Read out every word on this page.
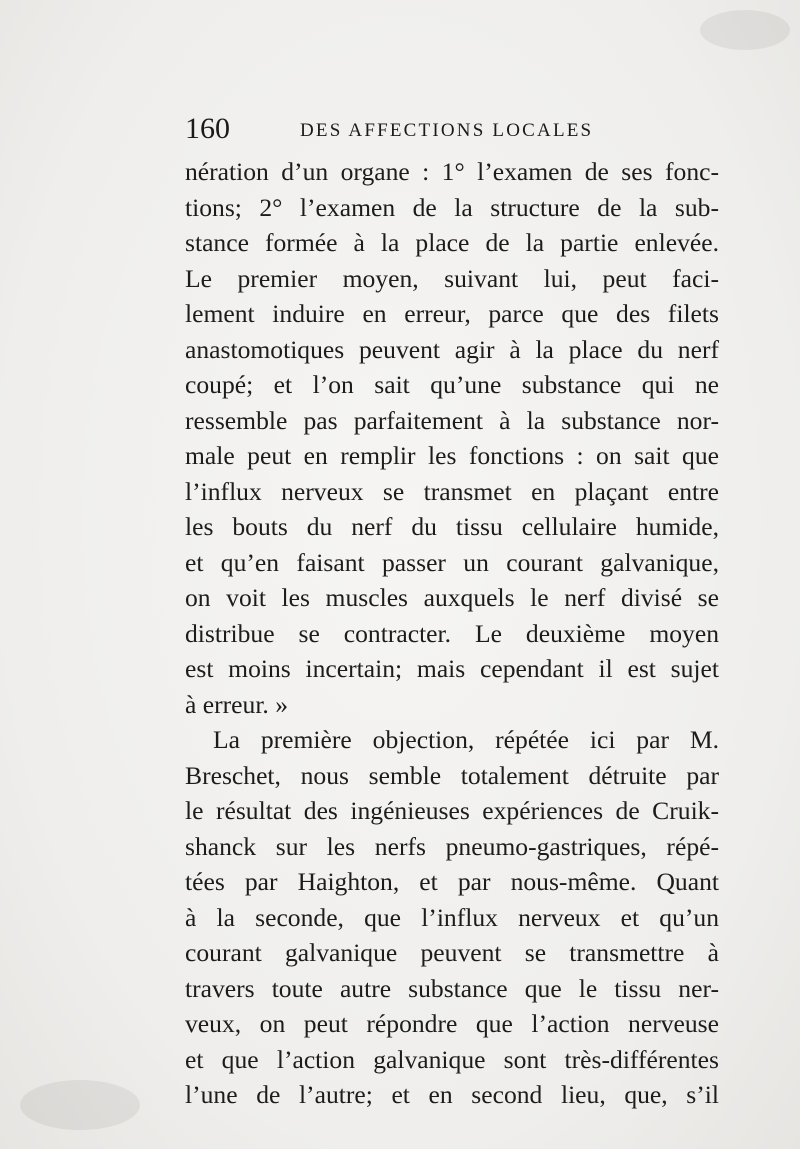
160	DES AFFECTIONS LOCALES
nération d’un organe : 1° l’examen de ses fonc-
tions; 2° l’examen de la structure de la sub-
stance formée à la place de la partie enlevée.
Le premier moyen, suivant lui, peut faci-
lement induire en erreur, parce que des filets
anastomotiques peuvent agir à la place du nerf
coupé; et l’on sait qu’une substance qui ne
ressemble pas parfaitement à la substance nor-
male peut en remplir les fonctions : on sait que
l’influx nerveux se transmet en plaçant entre
les bouts du nerf du tissu cellulaire humide,
et qu’en faisant passer un courant galvanique,
on voit les muscles auxquels le nerf divisé se
distribue se contracter. Le deuxième moyen
est moins incertain; mais cependant il est sujet
à erreur. »
La première objection, répétée ici par M.
Breschet, nous semble totalement détruite par
le résultat des ingénieuses expériences de Cruik-
shanck sur les nerfs pneumo-gastriques, répé-
tées par Haighton, et par nous-même. Quant
à la seconde, que l’influx nerveux et qu’un
courant galvanique peuvent se transmettre à
travers toute autre substance que le tissu ner-
veux, on peut répondre que l’action nerveuse
et que l’action galvanique sont très-différentes
l’une de l’autre; et en second lieu, que, s’il
